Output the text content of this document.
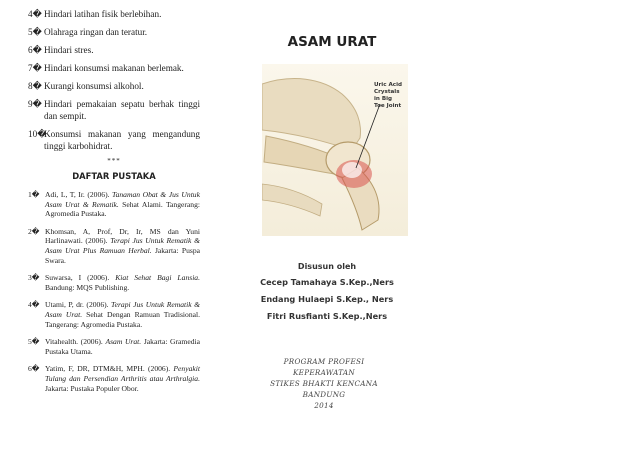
4� Hindari latihan fisik berlebihan.
5� Olahraga ringan dan teratur.
6� Hindari stres.
7� Hindari konsumsi makanan berlemak.
8� Kurangi konsumsi alkohol.
9� Hindari pemakaian sepatu berhak tinggi dan sempit.
10�
Konsumsi makanan yang mengandung tinggi karbohidrat.
***
DAFTAR PUSTAKA
1� Adi, L, T, Ir. (2006). Tanaman Obat & Jus Untuk Asam Urat & Rematik. Sehat Alami. Tangerang: Agromedia Pustaka.
2� Khomsan, A, Prof, Dr, Ir, MS dan Yuni Harlinawati. (2006). Terapi Jus Untuk Rematik & Asam Urat Plus Ramuan Herbal. Jakarta: Puspa Swara.
3� Suwarsa, I (2006). Kiat Sehat Bagi Lansia. Bandung: MQS Publishing.
4� Utami, P, dr. (2006). Terapi Jus Untuk Rematik & Asam Urat. Sehat Dengan Ramuan Tradisional. Tangerang: Agromedia Pustaka.
5� Vitahealth. (2006). Asam Urat. Jakarta: Gramedia Pustaka Utama.
6� Yatim, F, DR, DTM&H, MPH. (2006). Penyakit Tulang dan Persendian Arthritis atau Arthralgia. Jakarta: Pustaka Populer Obor.
ASAM URAT
Uric Acid
Crystals
in Big
Toe Joint
Disusun oleh
Cecep Tamahaya S.Kep.,Ners
Endang Hulaepi S.Kep., Ners
Fitri Rusfianti S.Kep.,Ners
PROGRAM PROFESI
KEPERAWATAN
STIKES BHAKTI KENCANA
BANDUNG
2014
